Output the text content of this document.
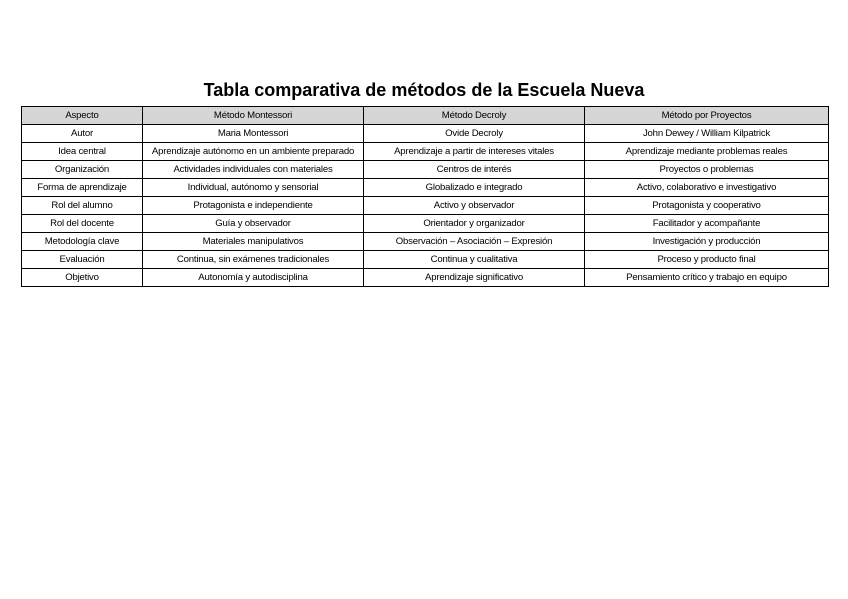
Tabla comparativa de métodos de la Escuela Nueva
Aspecto	Método Montessori	Método Decroly	Método por Proyectos
Autor	Maria Montessori	Ovide Decroly	John Dewey / William Kilpatrick
Idea central	Aprendizaje autónomo en un ambiente preparado	Aprendizaje a partir de intereses vitales	Aprendizaje mediante problemas reales
Organización	Actividades individuales con materiales	Centros de interés	Proyectos o problemas
Forma de aprendizaje	Individual, autónomo y sensorial	Globalizado e integrado	Activo, colaborativo e investigativo
Rol del alumno	Protagonista e independiente	Activo y observador	Protagonista y cooperativo
Rol del docente	Guía y observador	Orientador y organizador	Facilitador y acompañante
Metodología clave	Materiales manipulativos	Observación – Asociación – Expresión	Investigación y producción
Evaluación	Continua, sin exámenes tradicionales	Continua y cualitativa	Proceso y producto final
Objetivo	Autonomía y autodisciplina	Aprendizaje significativo	Pensamiento crítico y trabajo en equipo
